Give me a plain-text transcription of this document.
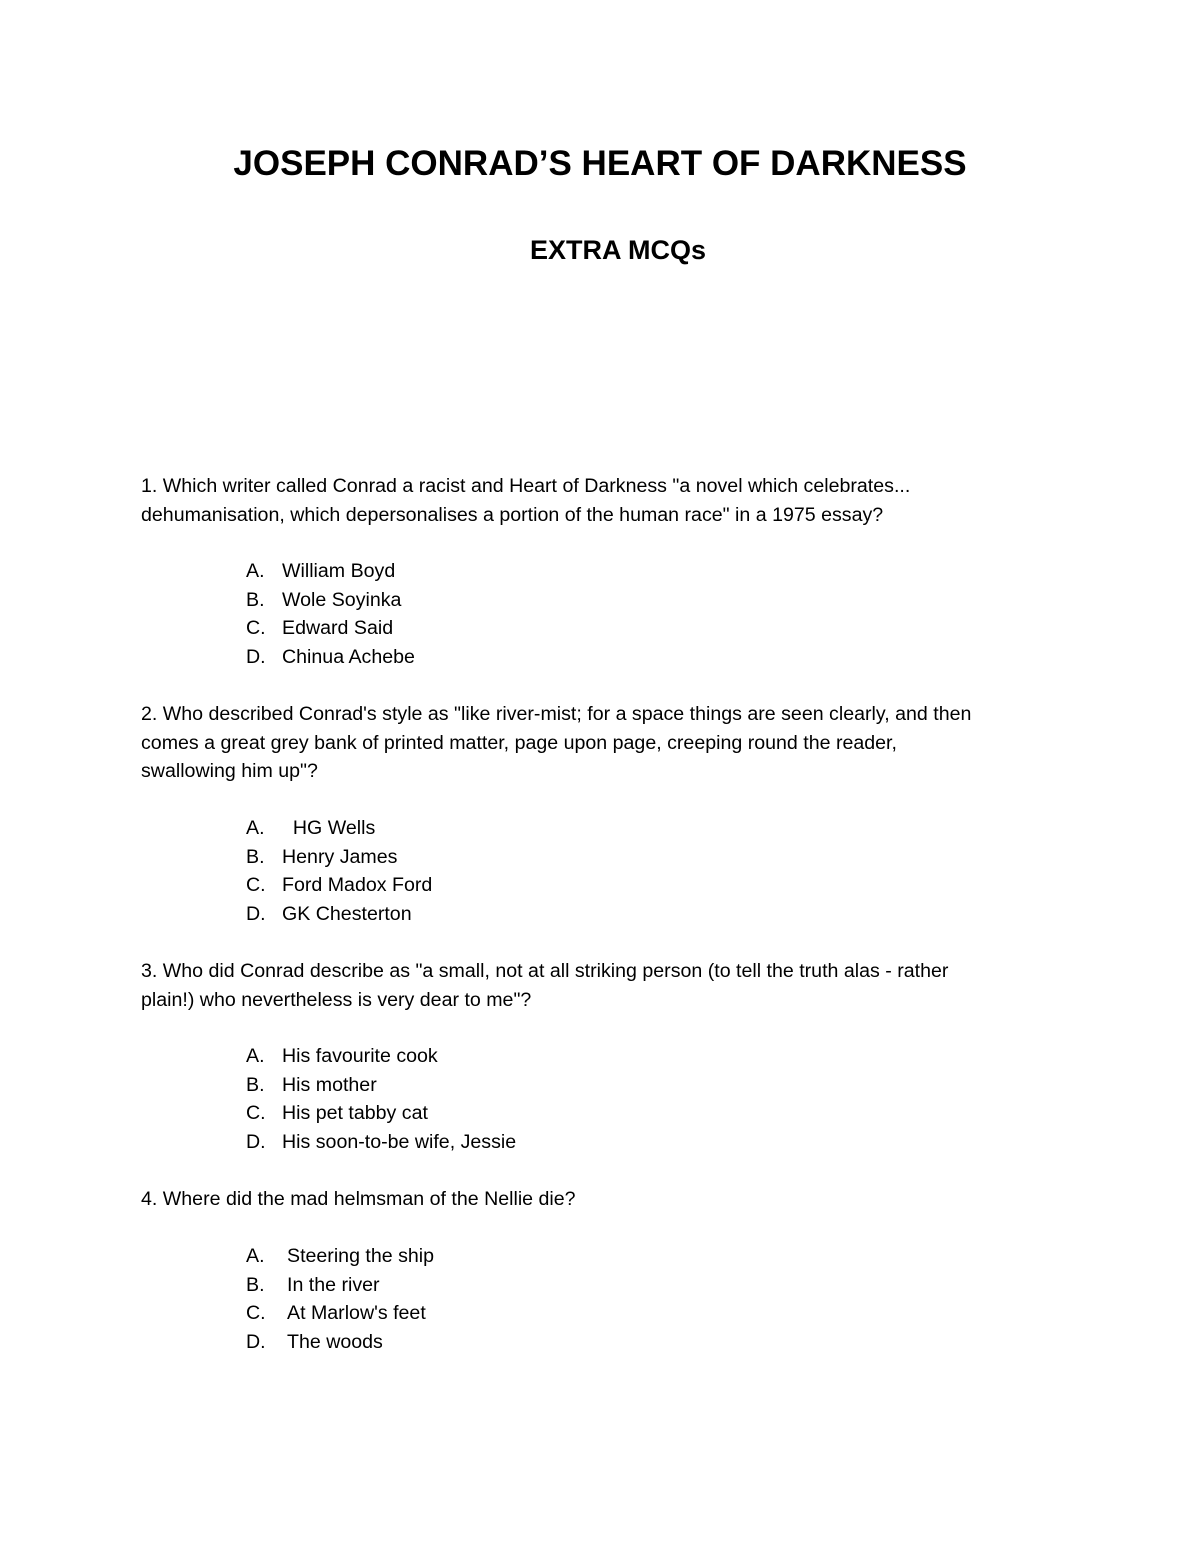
JOSEPH CONRAD’S HEART OF DARKNESS
EXTRA MCQs
1. Which writer called Conrad a racist and Heart of Darkness "a novel which celebrates...
dehumanisation, which depersonalises a portion of the human race" in a 1975 essay?
A. William Boyd
B. Wole Soyinka
C. Edward Said
D. Chinua Achebe
2. Who described Conrad's style as "like river-mist; for a space things are seen clearly, and then
comes a great grey bank of printed matter, page upon page, creeping round the reader,
swallowing him up"?
A. HG Wells
B. Henry James
C. Ford Madox Ford
D. GK Chesterton
3. Who did Conrad describe as "a small, not at all striking person (to tell the truth alas - rather
plain!) who nevertheless is very dear to me"?
A. His favourite cook
B. His mother
C. His pet tabby cat
D. His soon-to-be wife, Jessie
4. Where did the mad helmsman of the Nellie die?
A. Steering the ship
B. In the river
C. At Marlow's feet
D. The woods
